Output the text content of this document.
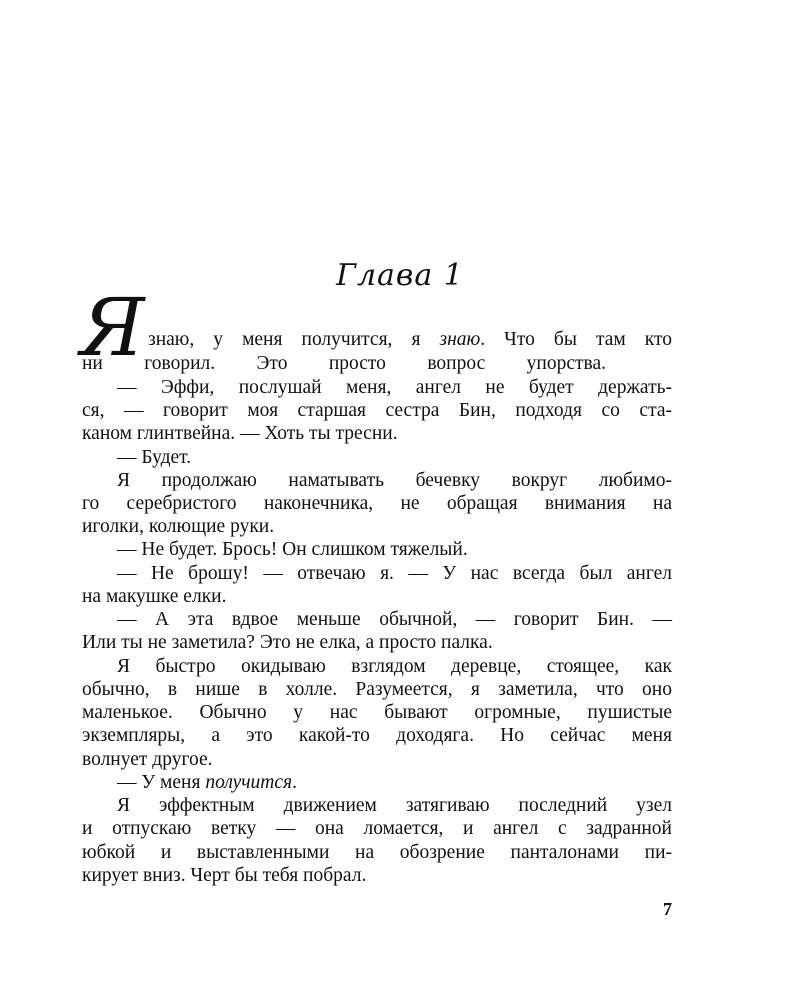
Глава 1
Я знаю, у меня получится, я знаю. Что бы там кто
ни говорил. Это просто вопрос упорства.
— Эффи, послушай меня, ангел не будет держать-
ся, — говорит моя старшая сестра Бин, подходя со ста-
каном глинтвейна. — Хоть ты тресни.
— Будет.
Я продолжаю наматывать бечевку вокруг любимо-
го серебристого наконечника, не обращая внимания на
иголки, колющие руки.
— Не будет. Брось! Он слишком тяжелый.
— Не брошу! — отвечаю я. — У нас всегда был ангел
на макушке елки.
— А эта вдвое меньше обычной, — говорит Бин. —
Или ты не заметила? Это не елка, а просто палка.
Я быстро окидываю взглядом деревце, стоящее, как
обычно, в нише в холле. Разумеется, я заметила, что оно
маленькое. Обычно у нас бывают огромные, пушистые
экземпляры, а это какой-то доходяга. Но сейчас меня
волнует другое.
— У меня получится.
Я эффектным движением затягиваю последний узел
и отпускаю ветку — она ломается, и ангел с задранной
юбкой и выставленными на обозрение панталонами пи-
кирует вниз. Черт бы тебя побрал.
7
